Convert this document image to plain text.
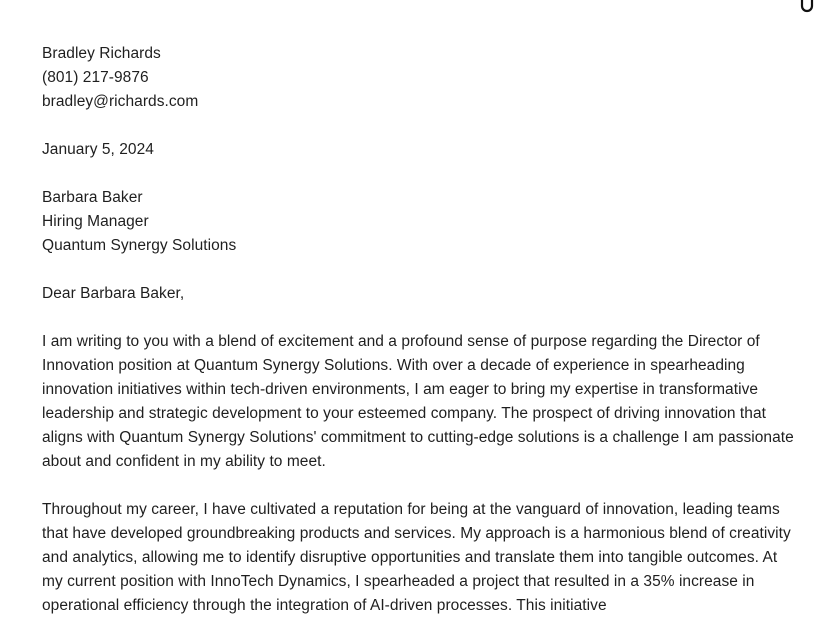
Bradley Richards
(801) 217-9876
bradley@richards.com
January 5, 2024
Barbara Baker
Hiring Manager
Quantum Synergy Solutions
Dear Barbara Baker,
I am writing to you with a blend of excitement and a profound sense of purpose regarding the Director of Innovation position at Quantum Synergy Solutions. With over a decade of experience in spearheading innovation initiatives within tech-driven environments, I am eager to bring my expertise in transformative leadership and strategic development to your esteemed company. The prospect of driving innovation that aligns with Quantum Synergy Solutions' commitment to cutting-edge solutions is a challenge I am passionate about and confident in my ability to meet.
Throughout my career, I have cultivated a reputation for being at the vanguard of innovation, leading teams that have developed groundbreaking products and services. My approach is a harmonious blend of creativity and analytics, allowing me to identify disruptive opportunities and translate them into tangible outcomes. At my current position with InnoTech Dynamics, I spearheaded a project that resulted in a 35% increase in operational efficiency through the integration of AI-driven processes. This initiative
